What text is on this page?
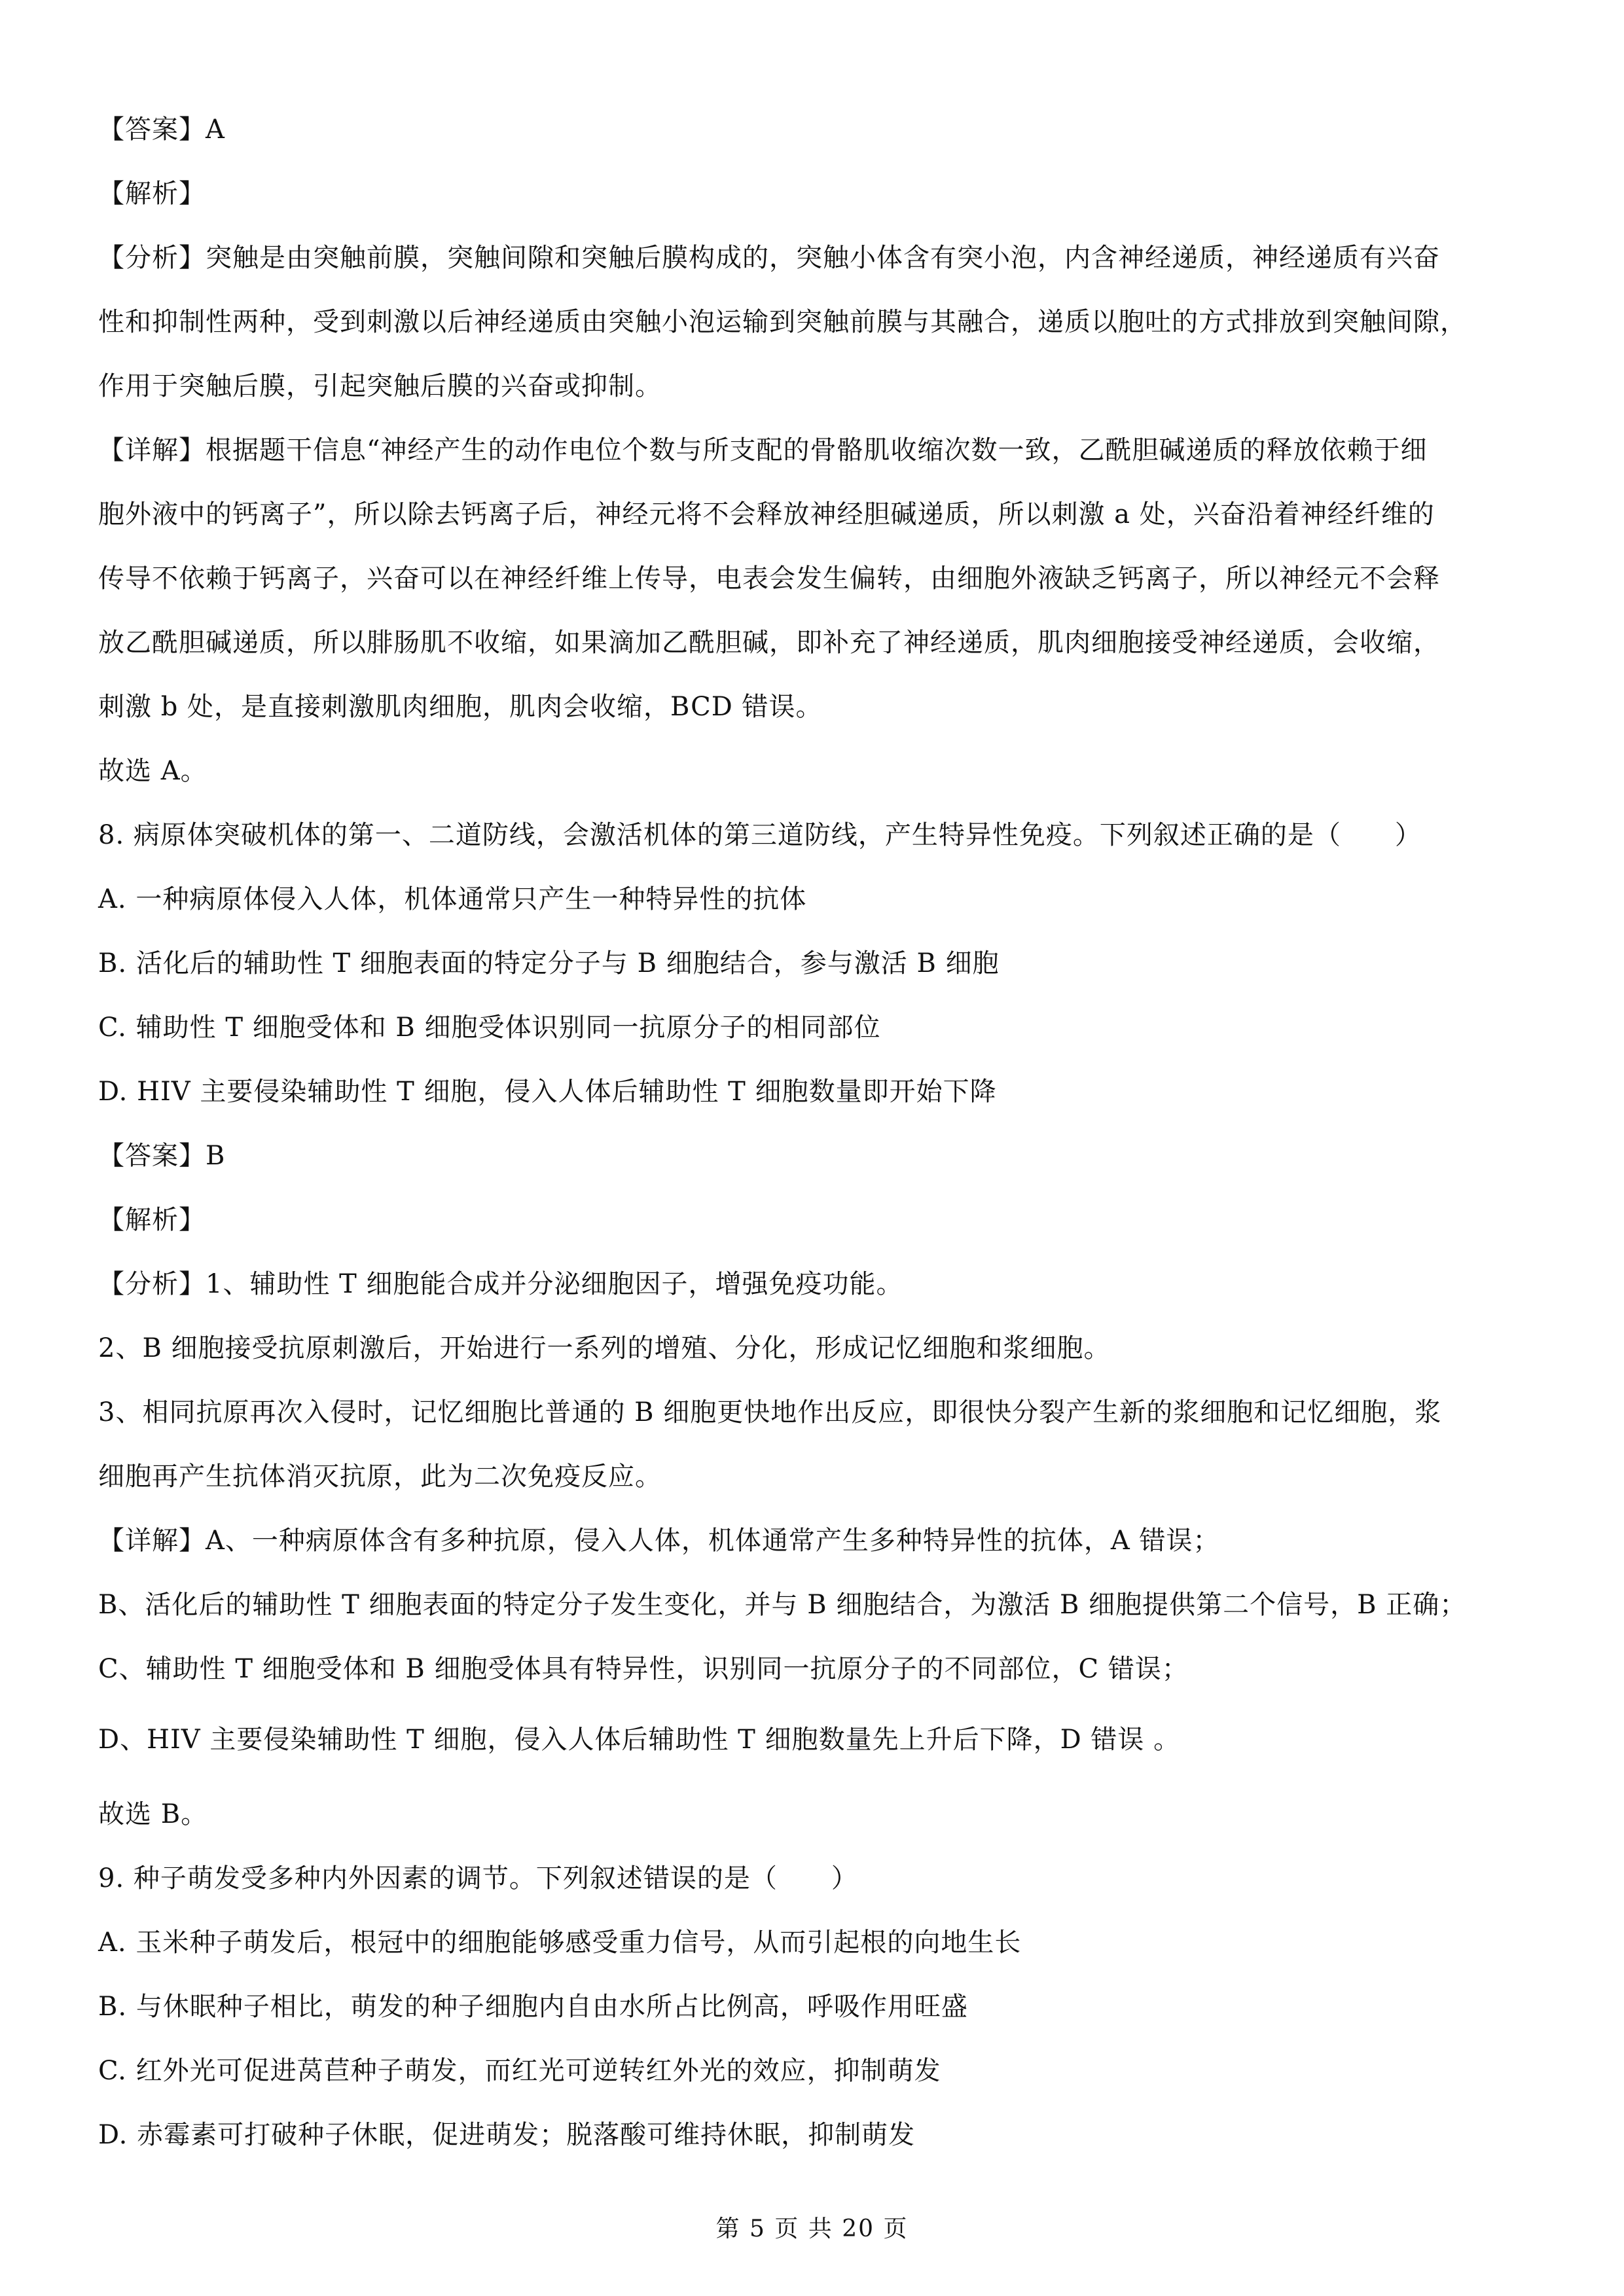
【答案】A
【解析】
【分析】突触是由突触前膜，突触间隙和突触后膜构成的，突触小体含有突小泡，内含神经递质，神经递质有兴奋
性和抑制性两种，受到刺激以后神经递质由突触小泡运输到突触前膜与其融合，递质以胞吐的方式排放到突触间隙，
作用于突触后膜，引起突触后膜的兴奋或抑制。
【详解】根据题干信息“神经产生的动作电位个数与所支配的骨骼肌收缩次数一致，乙酰胆碱递质的释放依赖于细
胞外液中的钙离子”，所以除去钙离子后，神经元将不会释放神经胆碱递质，所以刺激 a 处，兴奋沿着神经纤维的
传导不依赖于钙离子，兴奋可以在神经纤维上传导，电表会发生偏转，由细胞外液缺乏钙离子，所以神经元不会释
放乙酰胆碱递质，所以腓肠肌不收缩，如果滴加乙酰胆碱，即补充了神经递质，肌肉细胞接受神经递质，会收缩，
刺激 b 处，是直接刺激肌肉细胞，肌肉会收缩，BCD 错误。
故选 A。
8. 病原体突破机体的第一、二道防线，会激活机体的第三道防线，产生特异性免疫。下列叙述正确的是（　　）
A. 一种病原体侵入人体，机体通常只产生一种特异性的抗体
B. 活化后的辅助性 T 细胞表面的特定分子与 B 细胞结合，参与激活 B 细胞
C. 辅助性 T 细胞受体和 B 细胞受体识别同一抗原分子的相同部位
D. HIV 主要侵染辅助性 T 细胞，侵入人体后辅助性 T 细胞数量即开始下降
【答案】B
【解析】
【分析】1、辅助性 T 细胞能合成并分泌细胞因子，增强免疫功能。
2、B 细胞接受抗原刺激后，开始进行一系列的增殖、分化，形成记忆细胞和浆细胞。
3、相同抗原再次入侵时，记忆细胞比普通的 B 细胞更快地作出反应，即很快分裂产生新的浆细胞和记忆细胞，浆
细胞再产生抗体消灭抗原，此为二次免疫反应。
【详解】A、一种病原体含有多种抗原，侵入人体，机体通常产生多种特异性的抗体，A 错误；
B、活化后的辅助性 T 细胞表面的特定分子发生变化，并与 B 细胞结合，为激活 B 细胞提供第二个信号，B 正确；
C、辅助性 T 细胞受体和 B 细胞受体具有特异性，识别同一抗原分子的不同部位，C 错误；
D、HIV 主要侵染辅助性 T 细胞，侵入人体后辅助性 T 细胞数量先上升后下降，D 错误 。
故选 B。
9. 种子萌发受多种内外因素的调节。下列叙述错误的是（　　）
A. 玉米种子萌发后，根冠中的细胞能够感受重力信号，从而引起根的向地生长
B. 与休眠种子相比，萌发的种子细胞内自由水所占比例高，呼吸作用旺盛
C. 红外光可促进莴苣种子萌发，而红光可逆转红外光的效应，抑制萌发
D. 赤霉素可打破种子休眠，促进萌发；脱落酸可维持休眠，抑制萌发
第 5 页 共 20 页
